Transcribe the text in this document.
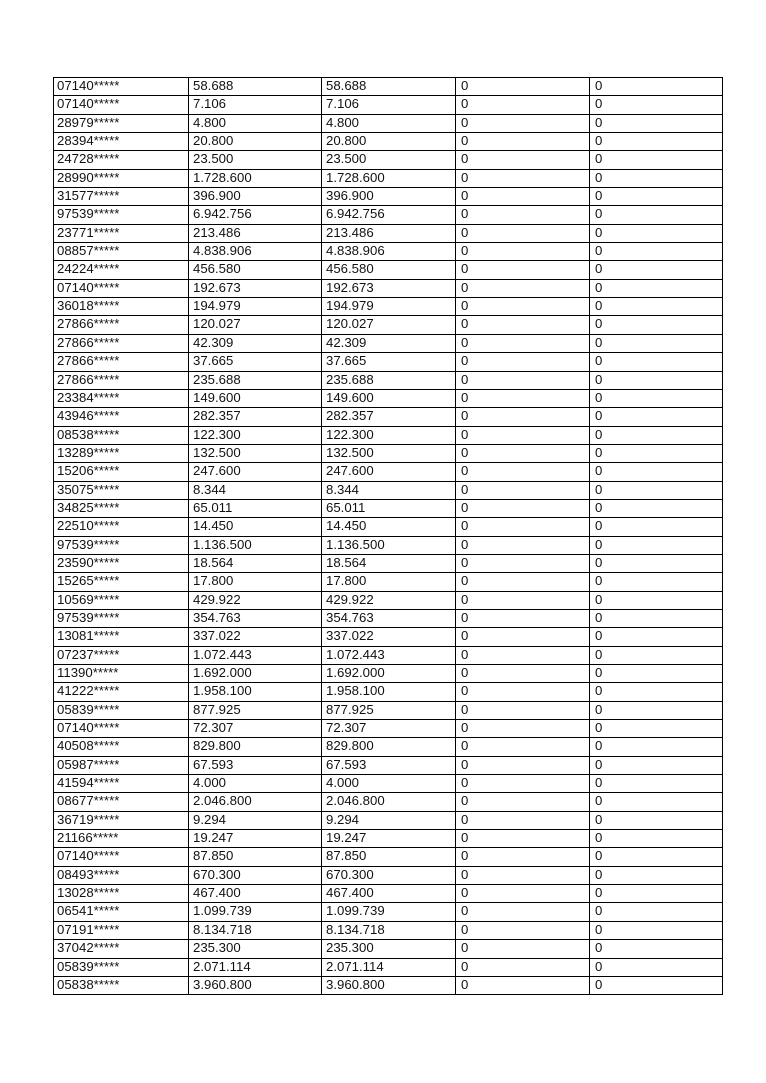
07140*****	58.688	58.688	0	0
07140*****	7.106	7.106	0	0
28979*****	4.800	4.800	0	0
28394*****	20.800	20.800	0	0
24728*****	23.500	23.500	0	0
28990*****	1.728.600	1.728.600	0	0
31577*****	396.900	396.900	0	0
97539*****	6.942.756	6.942.756	0	0
23771*****	213.486	213.486	0	0
08857*****	4.838.906	4.838.906	0	0
24224*****	456.580	456.580	0	0
07140*****	192.673	192.673	0	0
36018*****	194.979	194.979	0	0
27866*****	120.027	120.027	0	0
27866*****	42.309	42.309	0	0
27866*****	37.665	37.665	0	0
27866*****	235.688	235.688	0	0
23384*****	149.600	149.600	0	0
43946*****	282.357	282.357	0	0
08538*****	122.300	122.300	0	0
13289*****	132.500	132.500	0	0
15206*****	247.600	247.600	0	0
35075*****	8.344	8.344	0	0
34825*****	65.011	65.011	0	0
22510*****	14.450	14.450	0	0
97539*****	1.136.500	1.136.500	0	0
23590*****	18.564	18.564	0	0
15265*****	17.800	17.800	0	0
10569*****	429.922	429.922	0	0
97539*****	354.763	354.763	0	0
13081*****	337.022	337.022	0	0
07237*****	1.072.443	1.072.443	0	0
11390*****	1.692.000	1.692.000	0	0
41222*****	1.958.100	1.958.100	0	0
05839*****	877.925	877.925	0	0
07140*****	72.307	72.307	0	0
40508*****	829.800	829.800	0	0
05987*****	67.593	67.593	0	0
41594*****	4.000	4.000	0	0
08677*****	2.046.800	2.046.800	0	0
36719*****	9.294	9.294	0	0
21166*****	19.247	19.247	0	0
07140*****	87.850	87.850	0	0
08493*****	670.300	670.300	0	0
13028*****	467.400	467.400	0	0
06541*****	1.099.739	1.099.739	0	0
07191*****	8.134.718	8.134.718	0	0
37042*****	235.300	235.300	0	0
05839*****	2.071.114	2.071.114	0	0
05838*****	3.960.800	3.960.800	0	0
